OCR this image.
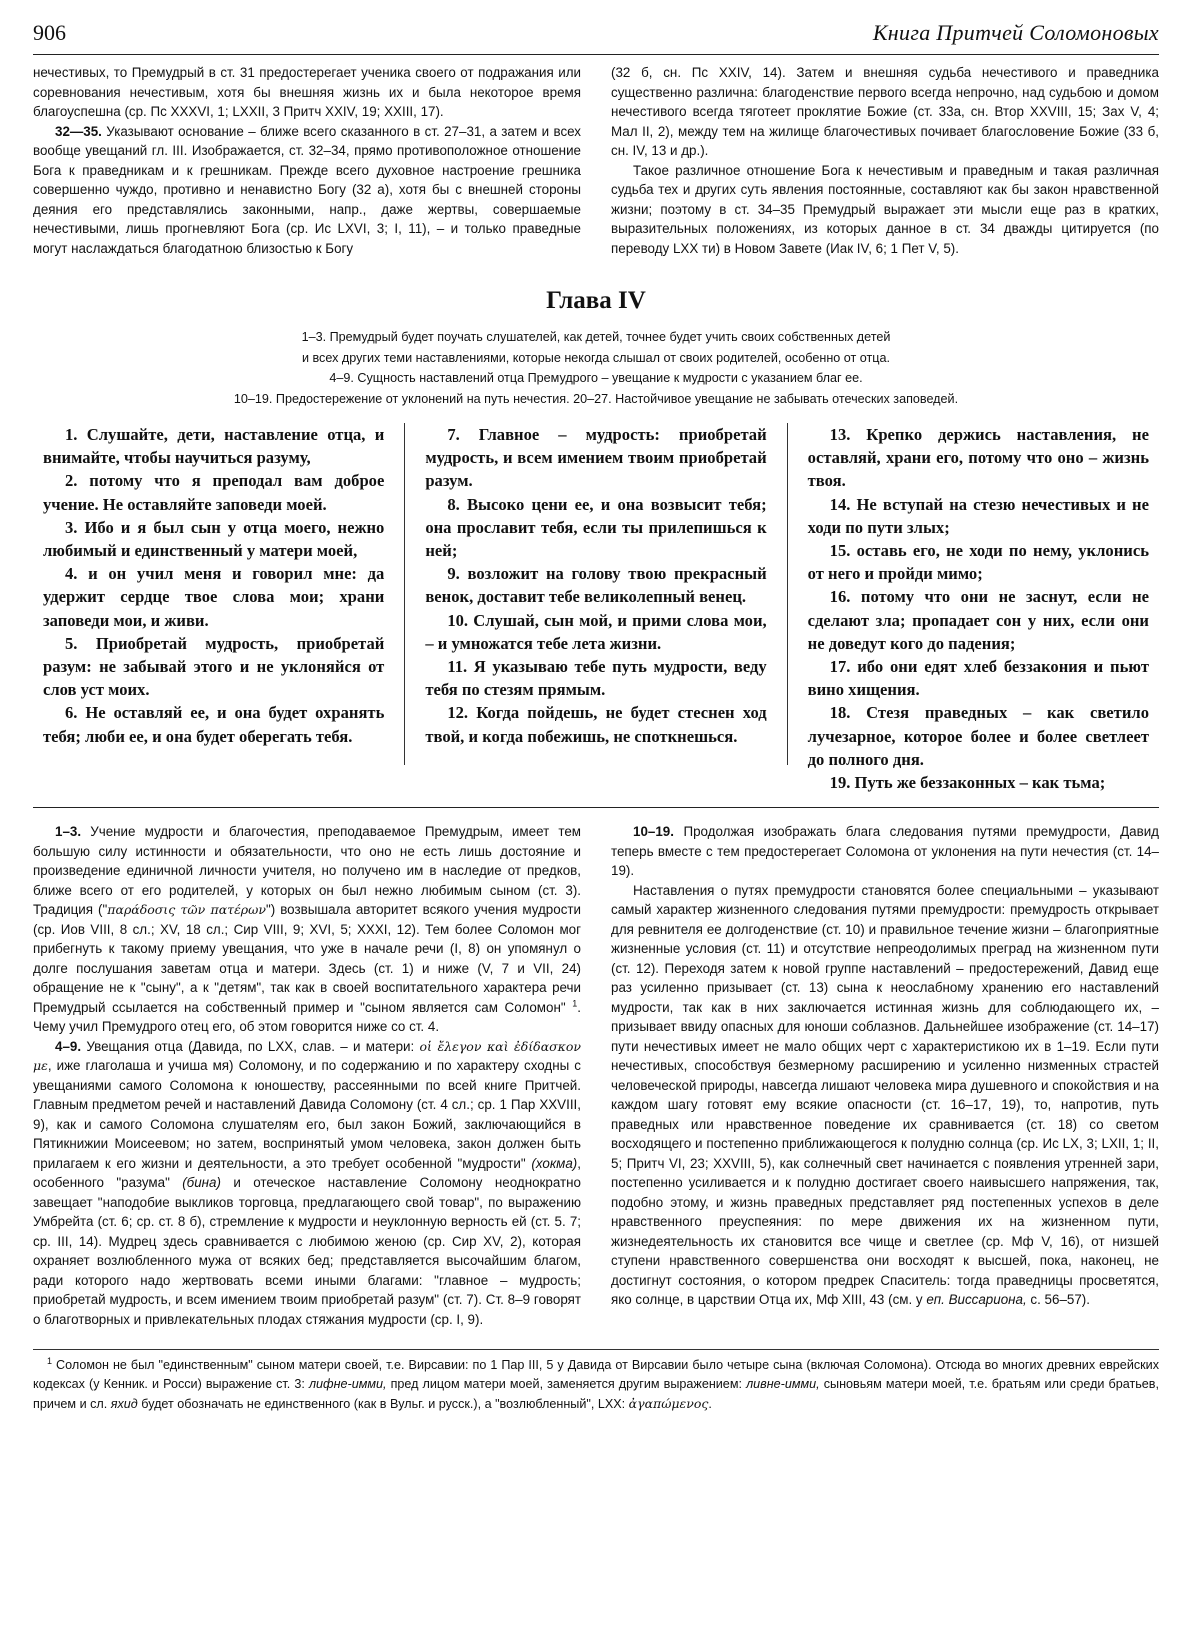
906	Книга Притчей Соломоновых

нечестивых, то Премудрый в ст. 31 предостерегает ученика своего от подражания или соревнования нечестивым, хотя бы внешняя жизнь их и была некоторое время благоуспешна (ср. Пс XXXVI, 1; LXXII, 3 Притч XXIV, 19; XXIII, 17).

32—35. Указывают основание – ближе всего сказанного в ст. 27–31, а затем и всех вообще увещаний гл. III. Изображается, ст. 32–34, прямо противоположное отношение Бога к праведникам и к грешникам. Прежде всего духовное настроение грешника совершенно чуждо, противно и ненавистно Богу (32 а), хотя бы с внешней стороны деяния его представлялись законными, напр., даже жертвы, совершаемые нечестивыми, лишь прогневляют Бога (ср. Ис LXVI, 3; I, 11), – и только праведные могут наслаждаться благодатною близостью к Богу

(32 б, сн. Пс XXIV, 14). Затем и внешняя судьба нечестивого и праведника существенно различна: благоденствие первого всегда непрочно, над судьбою и домом нечестивого всегда тяготеет проклятие Божие (ст. 33а, сн. Втор XXVIII, 15; Зах V, 4; Мал II, 2), между тем на жилище благочестивых почивает благословение Божие (33 б, сн. IV, 13 и др.).

Такое различное отношение Бога к нечестивым и праведным и такая различная судьба тех и других суть явления постоянные, составляют как бы закон нравственной жизни; поэтому в ст. 34–35 Премудрый выражает эти мысли еще раз в кратких, выразительных положениях, из которых данное в ст. 34 дважды цитируется (по переводу LXX ти) в Новом Завете (Иак IV, 6; 1 Пет V, 5).

Глава IV
1–3. Премудрый будет поучать слушателей, как детей, точнее будет учить своих собственных детей
и всех других теми наставлениями, которые некогда слышал от своих родителей, особенно от отца.
4–9. Сущность наставлений отца Премудрого – увещание к мудрости с указанием благ ее.
10–19. Предостережение от уклонений на путь нечестия. 20–27. Настойчивое увещание не забывать отеческих заповедей.

1. Слушайте, дети, наставление отца, и внимайте, чтобы научиться разуму,

2. потому что я преподал вам доброе учение. Не оставляйте заповеди моей.

3. Ибо и я был сын у отца моего, нежно любимый и единственный у матери моей,

4. и он учил меня и говорил мне: да удержит сердце твое слова мои; храни заповеди мои, и живи.

5. Приобретай мудрость, приобретай разум: не забывай этого и не уклоняйся от слов уст моих.

6. Не оставляй ее, и она будет охранять тебя; люби ее, и она будет оберегать тебя.

7. Главное – мудрость: приобретай мудрость, и всем имением твоим приобретай разум.

8. Высоко цени ее, и она возвысит тебя; она прославит тебя, если ты прилепишься к ней;

9. возложит на голову твою прекрасный венок, доставит тебе великолепный венец.

10. Слушай, сын мой, и прими слова мои, – и умножатся тебе лета жизни.

11. Я указываю тебе путь мудрости, веду тебя по стезям прямым.

12. Когда пойдешь, не будет стеснен ход твой, и когда побежишь, не споткнешься.

13. Крепко держись наставления, не оставляй, храни его, потому что оно – жизнь твоя.

14. Не вступай на стезю нечестивых и не ходи по пути злых;

15. оставь его, не ходи по нему, уклонись от него и пройди мимо;

16. потому что они не заснут, если не сделают зла; пропадает сон у них, если они не доведут кого до падения;

17. ибо они едят хлеб беззакония и пьют вино хищения.

18. Стезя праведных – как светило лучезарное, которое более и более светлеет до полного дня.

19. Путь же беззаконных – как тьма;

1–3. Учение мудрости и благочестия, преподаваемое Премудрым, имеет тем большую силу истинности и обязательности, что оно не есть лишь достояние и произведение единичной личности учителя, но получено им в наследие от предков, ближе всего от его родителей, у которых он был нежно любимым сыном (ст. 3). Традиция ("παράδοσις τῶν πατέρων") возвышала авторитет всякого учения мудрости (ср. Иов VIII, 8 сл.; XV, 18 сл.; Сир VIII, 9; XVI, 5; XXXI, 12). Тем более Соломон мог прибегнуть к такому приему увещания, что уже в начале речи (I, 8) он упомянул о долге послушания заветам отца и матери. Здесь (ст. 1) и ниже (V, 7 и VII, 24) обращение не к "сыну", а к "детям", так как в своей воспитательного характера речи Премудрый ссылается на собственный пример и "сыном является сам Соломон" $^1$. Чему учил Премудрого отец его, об этом говорится ниже со ст. 4.

4–9. Увещания отца (Давида, по LXX, слав. – и матери: οἱ ἔλεγον καὶ ἐδίδασκον με, иже глаголаша и учиша мя) Соломону, и по содержанию и по характеру сходны с увещаниями самого Соломона к юношеству, рассеянными по всей книге Притчей. Главным предметом речей и наставлений Давида Соломону (ст. 4 сл.; ср. 1 Пар XXVIII, 9), как и самого Соломона слушателям его, был закон Божий, заключающийся в Пятикнижии Моисеевом; но затем, воспринятый умом человека, закон должен быть прилагаем к его жизни и деятельности, а это требует особенной "мудрости" (хокма), особенного "разума" (бина) и отеческое наставление Соломону неоднократно завещает "наподобие выкликов торговца, предлагающего свой товар", по выражению Умбрейта (ст. 6; ср. ст. 8 б), стремление к мудрости и неуклонную верность ей (ст. 5. 7; ср. III, 14). Мудрец здесь сравнивается с любимою женою (ср. Сир XV, 2), которая охраняет возлюбленного мужа от всяких бед; представляется высочайшим благом, ради которого надо жертвовать всеми иными благами: "главное – мудрость; приобретай мудрость, и всем имением твоим приобретай разум" (ст. 7). Ст. 8–9 говорят о благотворных и привлекательных плодах стяжания мудрости (ср. I, 9).

10–19. Продолжая изображать блага следования путями премудрости, Давид теперь вместе с тем предостерегает Соломона от уклонения на пути нечестия (ст. 14–19).

Наставления о путях премудрости становятся более специальными – указывают самый характер жизненного следования путями премудрости: премудрость открывает для ревнителя ее долгоденствие (ст. 10) и правильное течение жизни – благоприятные жизненные условия (ст. 11) и отсутствие непреодолимых преград на жизненном пути (ст. 12). Переходя затем к новой группе наставлений – предостережений, Давид еще раз усиленно призывает (ст. 13) сына к неослабному хранению его наставлений мудрости, так как в них заключается истинная жизнь для соблюдающего их, – призывает ввиду опасных для юноши соблазнов. Дальнейшее изображение (ст. 14–17) пути нечестивых имеет не мало общих черт с характеристикою их в 1–19. Если пути нечестивых, способствуя безмерному расширению и усиленно низменных страстей человеческой природы, навсегда лишают человека мира душевного и спокойствия и на каждом шагу готовят ему всякие опасности (ст. 16–17, 19), то, напротив, путь праведных или нравственное поведение их сравнивается (ст. 18) со светом восходящего и постепенно приближающегося к полудню солнца (ср. Ис LX, 3; LXII, 1; II, 5; Притч VI, 23; XXVIII, 5), как солнечный свет начинается с появления утренней зари, постепенно усиливается и к полудню достигает своего наивысшего напряжения, так, подобно этому, и жизнь праведных представляет ряд постепенных успехов в деле нравственного преуспеяния: по мере движения их на жизненном пути, жизнедеятельность их становится все чище и светлее (ср. Мф V, 16), от низшей ступени нравственного совершенства они восходят к высшей, пока, наконец, не достигнут состояния, о котором предрек Спаситель: тогда праведницы просветятся, яко солнце, в царствии Отца их, Мф XIII, 43 (см. у еп. Виссариона, с. 56–57).

$^1$ Соломон не был "единственным" сыном матери своей, т.е. Вирсавии: по 1 Пар III, 5 у Давида от Вирсавии было четыре сына (включая Соломона). Отсюда во многих древних еврейских кодексах (у Кенник. и Росси) выражение ст. 3: лифне-имми, пред лицом матери моей, заменяется другим выражением: ливне-имми, сыновьям матери моей, т.е. братьям или среди братьев, причем и сл. яхид будет обозначать не единственного (как в Вульг. и русск.), а "возлюбленный", LXX: ἀγαπώμενος.
